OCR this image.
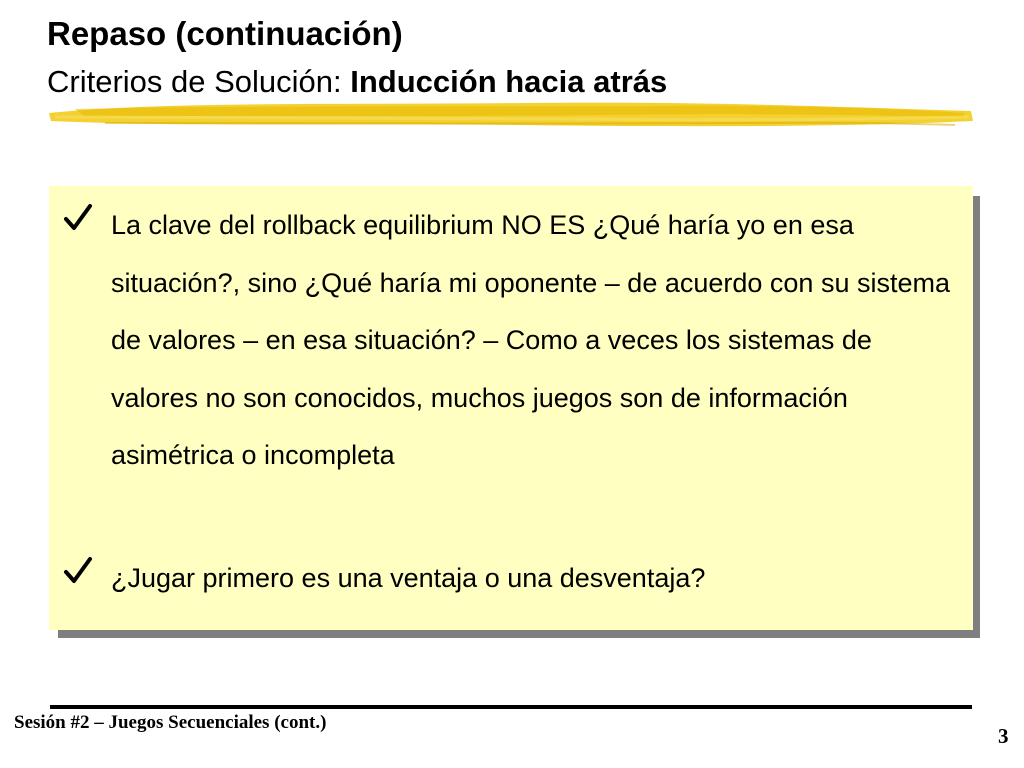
Repaso (continuación)
Criterios de Solución: Inducción hacia atrás
La clave del rollback equilibrium NO ES ¿Qué haría yo en esa situación?, sino ¿Qué haría mi oponente – de acuerdo con su sistema de valores – en esa situación? – Como a veces los sistemas de valores no son conocidos, muchos juegos son de información asimétrica o incompleta
¿Jugar primero es una ventaja o una desventaja?
Sesión #2 – Juegos Secuenciales (cont.)
3
